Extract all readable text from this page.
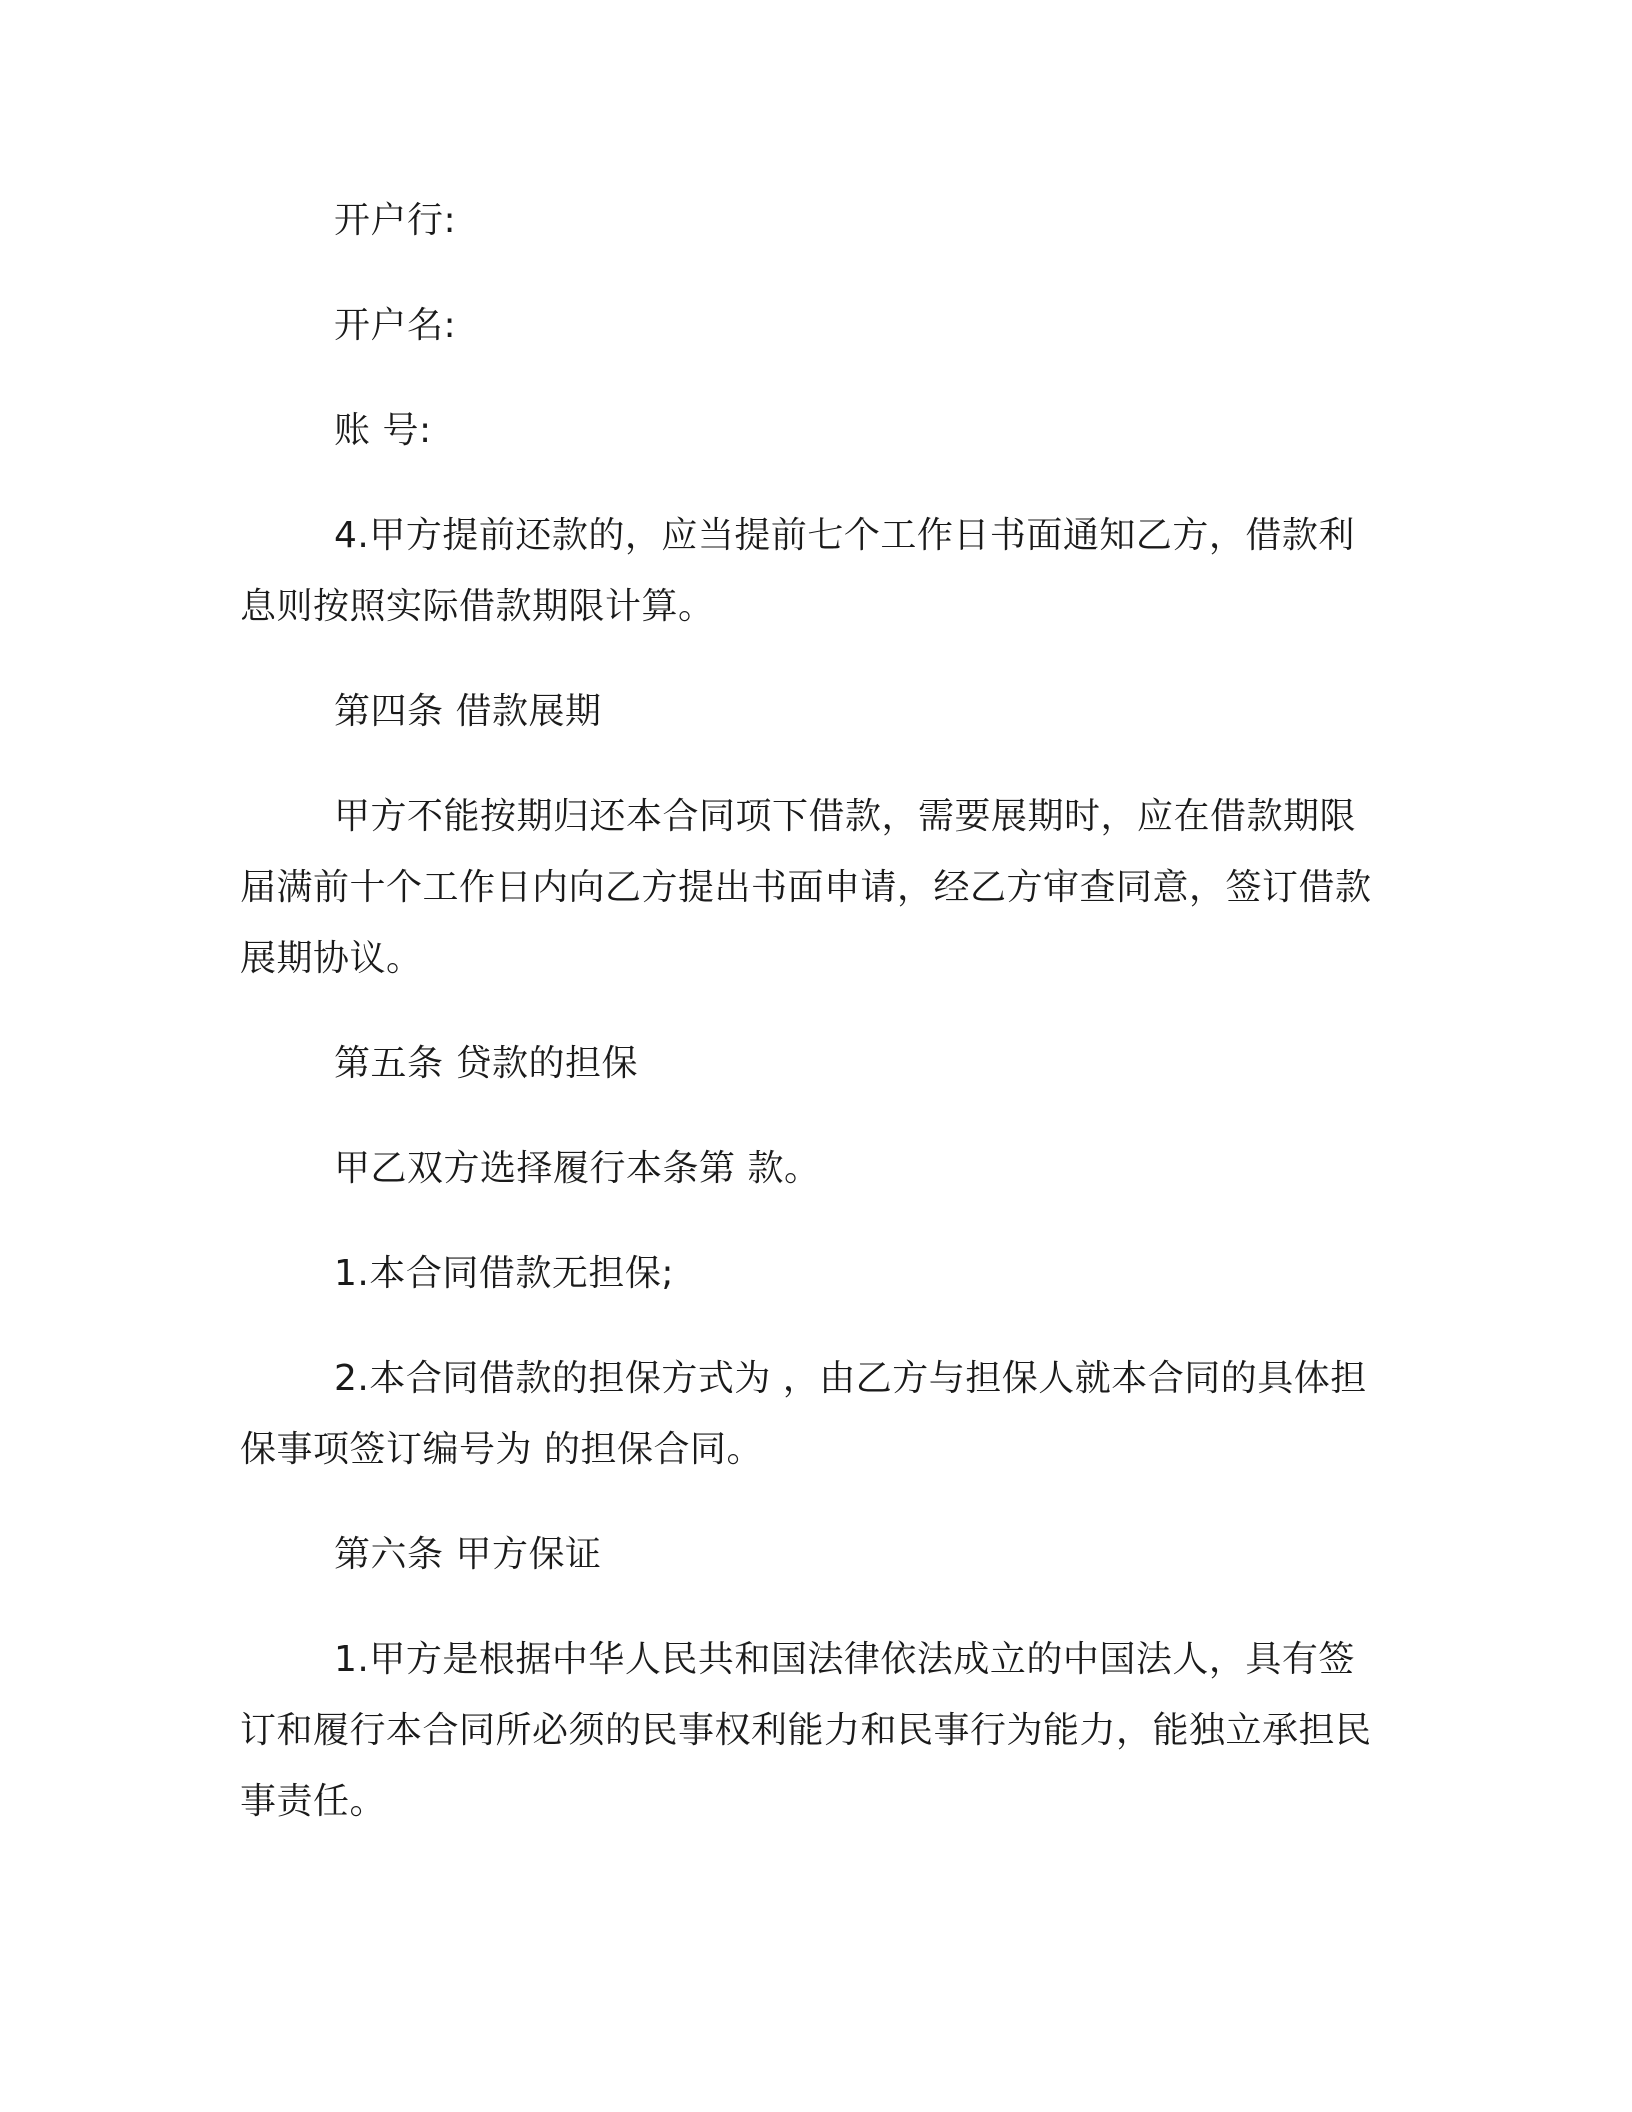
开户行:

开户名:

账 号:

4.甲方提前还款的，应当提前七个工作日书面通知乙方，借款利息则按照实际借款期限计算。

第四条 借款展期

甲方不能按期归还本合同项下借款，需要展期时，应在借款期限届满前十个工作日内向乙方提出书面申请，经乙方审查同意，签订借款展期协议。

第五条 贷款的担保

甲乙双方选择履行本条第 款。

1.本合同借款无担保;

2.本合同借款的担保方式为 ，由乙方与担保人就本合同的具体担保事项签订编号为 的担保合同。

第六条 甲方保证

1.甲方是根据中华人民共和国法律依法成立的中国法人，具有签订和履行本合同所必须的民事权利能力和民事行为能力，能独立承担民事责任。
